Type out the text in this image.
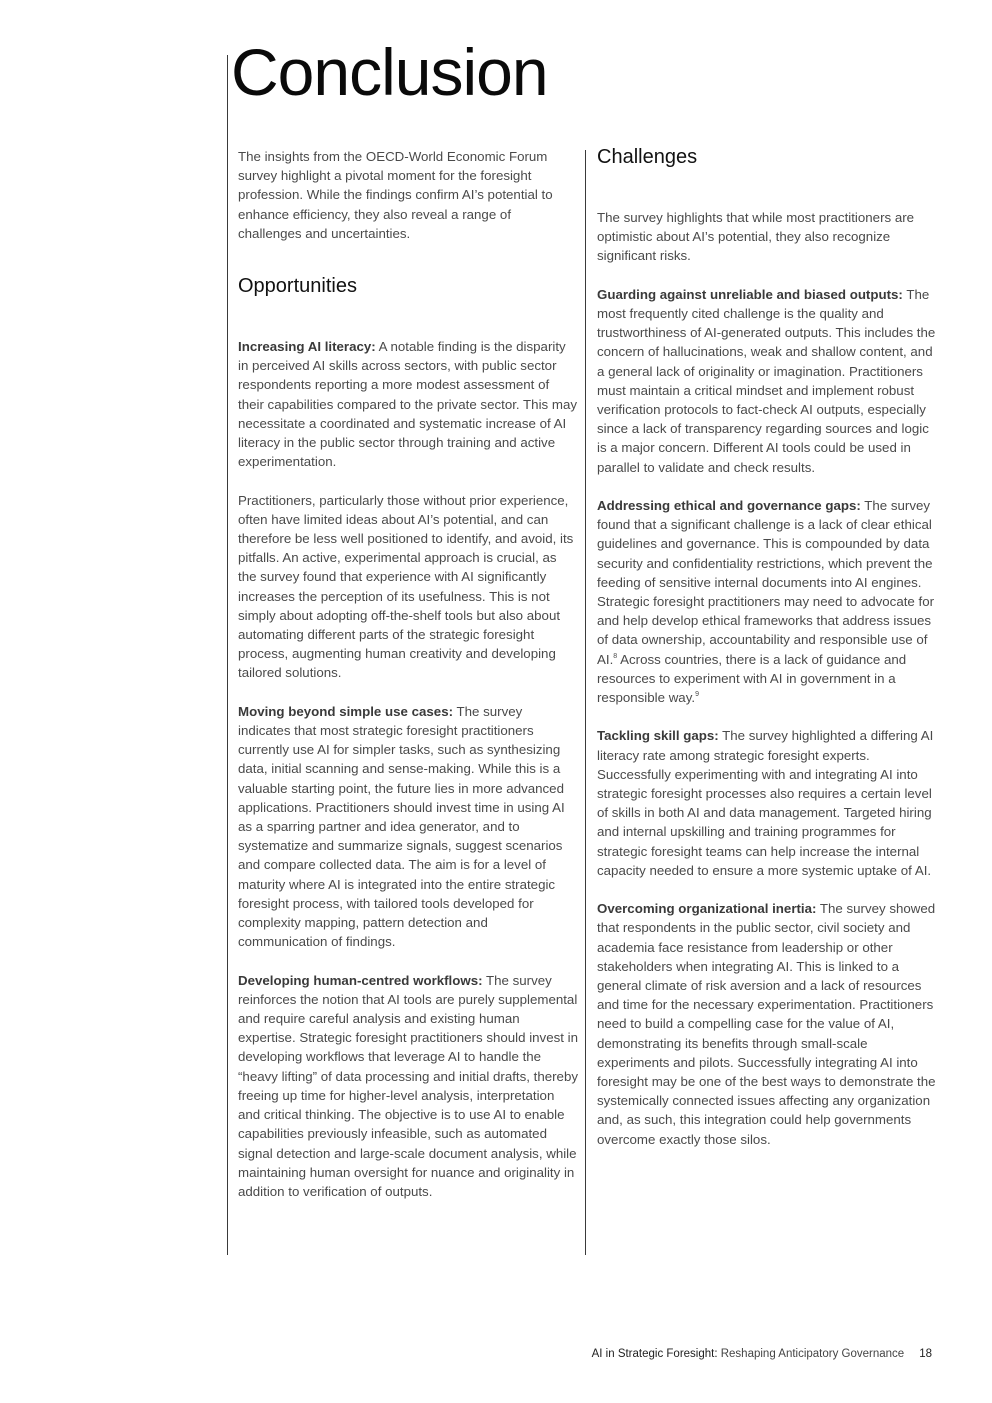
Conclusion

The insights from the OECD-World Economic Forum survey highlight a pivotal moment for the foresight profession. While the findings confirm AI’s potential to enhance efficiency, they also reveal a range of challenges and uncertainties.

Opportunities

Increasing AI literacy: A notable finding is the disparity in perceived AI skills across sectors, with public sector respondents reporting a more modest assessment of their capabilities compared to the private sector. This may necessitate a coordinated and systematic increase of AI literacy in the public sector through training and active experimentation.

Practitioners, particularly those without prior experience, often have limited ideas about AI’s potential, and can therefore be less well positioned to identify, and avoid, its pitfalls. An active, experimental approach is crucial, as the survey found that experience with AI significantly increases the perception of its usefulness. This is not simply about adopting off-the-shelf tools but also about automating different parts of the strategic foresight process, augmenting human creativity and developing tailored solutions.

Moving beyond simple use cases: The survey indicates that most strategic foresight practitioners currently use AI for simpler tasks, such as synthesizing data, initial scanning and sense-making. While this is a valuable starting point, the future lies in more advanced applications. Practitioners should invest time in using AI as a sparring partner and idea generator, and to systematize and summarize signals, suggest scenarios and compare collected data. The aim is for a level of maturity where AI is integrated into the entire strategic foresight process, with tailored tools developed for complexity mapping, pattern detection and communication of findings.

Developing human-centred workflows: The survey reinforces the notion that AI tools are purely supplemental and require careful analysis and existing human expertise. Strategic foresight practitioners should invest in developing workflows that leverage AI to handle the “heavy lifting” of data processing and initial drafts, thereby freeing up time for higher-level analysis, interpretation and critical thinking. The objective is to use AI to enable capabilities previously infeasible, such as automated signal detection and large-scale document analysis, while maintaining human oversight for nuance and originality in addition to verification of outputs.

Challenges

The survey highlights that while most practitioners are optimistic about AI’s potential, they also recognize significant risks.

Guarding against unreliable and biased outputs: The most frequently cited challenge is the quality and trustworthiness of AI-generated outputs. This includes the concern of hallucinations, weak and shallow content, and a general lack of originality or imagination. Practitioners must maintain a critical mindset and implement robust verification protocols to fact-check AI outputs, especially since a lack of transparency regarding sources and logic is a major concern. Different AI tools could be used in parallel to validate and check results.

Addressing ethical and governance gaps: The survey found that a significant challenge is a lack of clear ethical guidelines and governance. This is compounded by data security and confidentiality restrictions, which prevent the feeding of sensitive internal documents into AI engines. Strategic foresight practitioners may need to advocate for and help develop ethical frameworks that address issues of data ownership, accountability and responsible use of AI.$^8$ Across countries, there is a lack of guidance and resources to experiment with AI in government in a responsible way.$^9$

Tackling skill gaps: The survey highlighted a differing AI literacy rate among strategic foresight experts. Successfully experimenting with and integrating AI into strategic foresight processes also requires a certain level of skills in both AI and data management. Targeted hiring and internal upskilling and training programmes for strategic foresight teams can help increase the internal capacity needed to ensure a more systemic uptake of AI.

Overcoming organizational inertia: The survey showed that respondents in the public sector, civil society and academia face resistance from leadership or other stakeholders when integrating AI. This is linked to a general climate of risk aversion and a lack of resources and time for the necessary experimentation. Practitioners need to build a compelling case for the value of AI, demonstrating its benefits through small-scale experiments and pilots. Successfully integrating AI into foresight may be one of the best ways to demonstrate the systemically connected issues affecting any organization and, as such, this integration could help governments overcome exactly those silos.

AI in Strategic Foresight: Reshaping Anticipatory Governance 18
